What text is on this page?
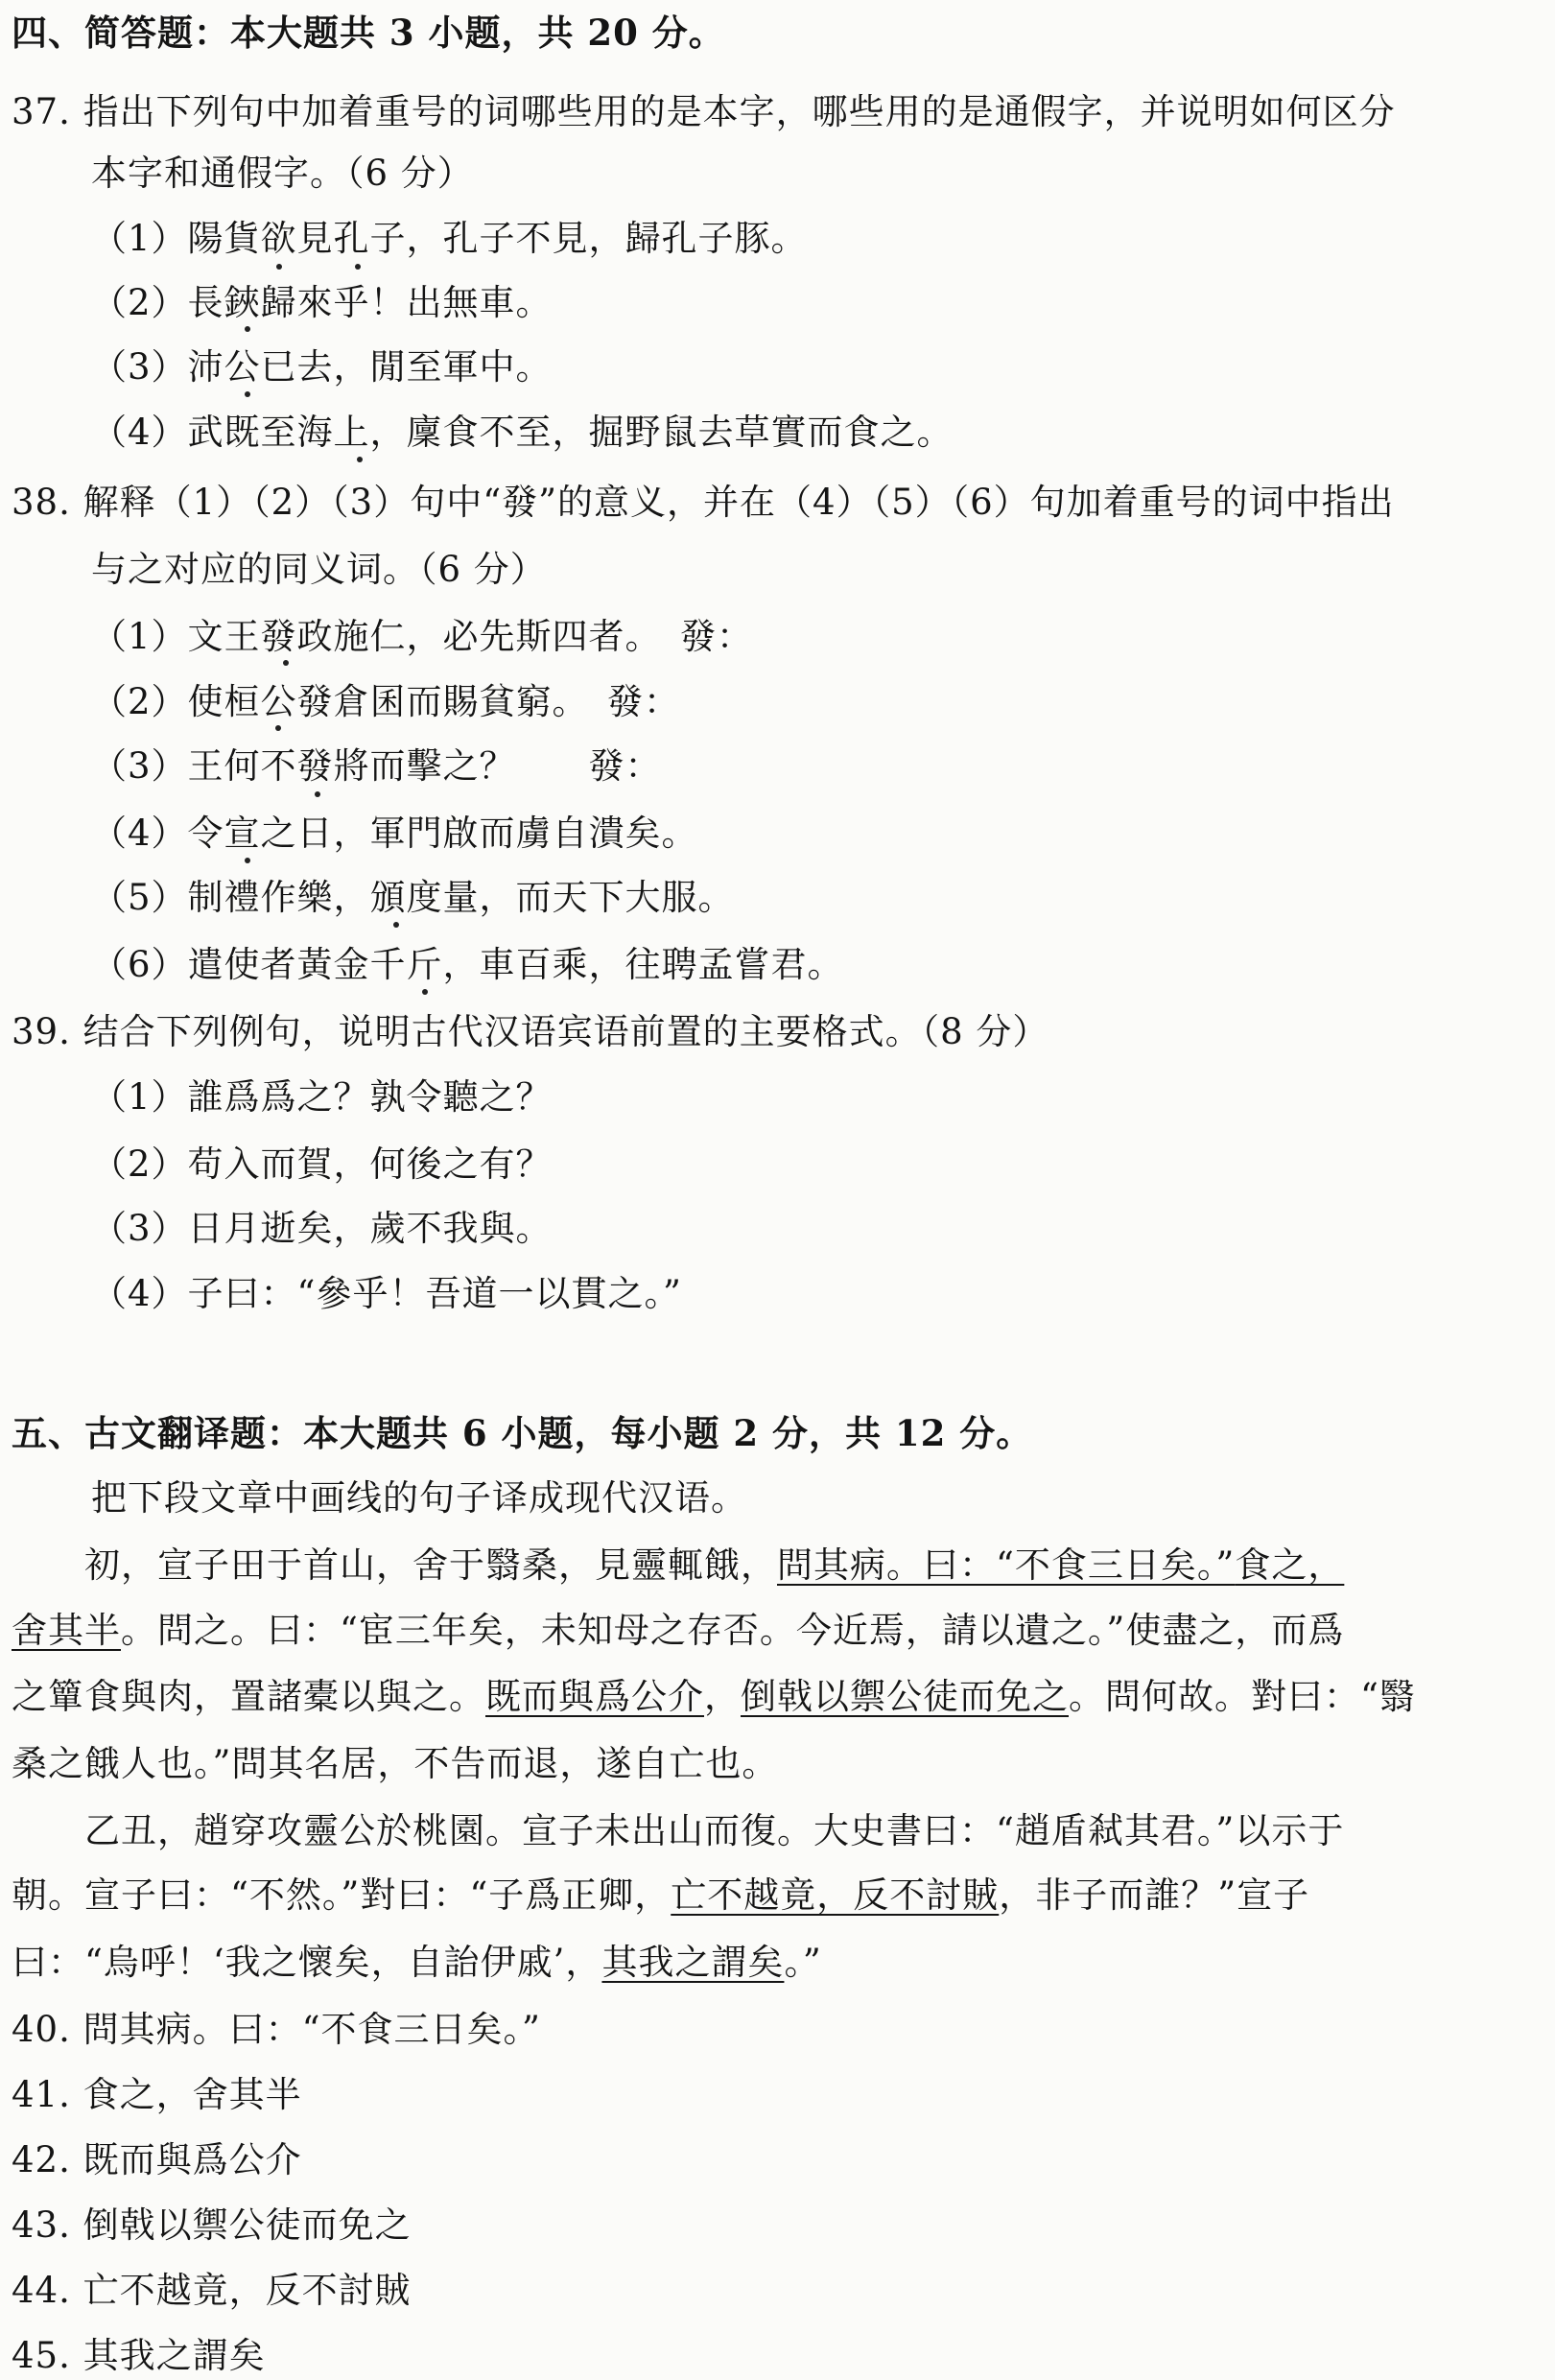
四、简答题：本大题共 3 小题，共 20 分。
37. 指出下列句中加着重号的词哪些用的是本字，哪些用的是通假字，并说明如何区分
本字和通假字。（6 分）
（1）陽貨欲見孔子，孔子不見，歸孔子豚。
（2）長鋏歸來乎！出無車。
（3）沛公已去，閒至軍中。
（4）武既至海上，廩食不至，掘野鼠去草實而食之。
38. 解释（1）（2）（3）句中“發”的意义，并在（4）（5）（6）句加着重号的词中指出
与之对应的同义词。（6 分）
（1）文王發政施仁，必先斯四者。　發：
（2）使桓公發倉囷而賜貧窮。　發：
（3）王何不發將而擊之？　　發：
（4）令宣之日，軍門啟而虜自潰矣。
（5）制禮作樂，頒度量，而天下大服。
（6）遣使者黃金千斤，車百乘，往聘孟嘗君。
39. 结合下列例句，说明古代汉语宾语前置的主要格式。（8 分）
（1）誰爲爲之？孰令聽之？
（2）苟入而賀，何後之有？
（3）日月逝矣，歲不我與。
（4）子曰：“參乎！吾道一以貫之。”
五、古文翻译题：本大题共 6 小题，每小题 2 分，共 12 分。
把下段文章中画线的句子译成现代汉语。
　　初，宣子田于首山，舍于翳桑，見靈輒餓，問其病。曰：“不食三日矣。”食之，
舍其半。問之。曰：“宦三年矣，未知母之存否。今近焉，請以遺之。”使盡之，而爲
之簞食與肉，置諸橐以與之。既而與爲公介，倒戟以禦公徒而免之。問何故。對曰：“翳
桑之餓人也。”問其名居，不告而退，遂自亡也。
　　乙丑，趙穿攻靈公於桃園。宣子未出山而復。大史書曰：“趙盾弒其君。”以示于
朝。宣子曰：“不然。”對曰：“子爲正卿，亡不越竟，反不討賊，非子而誰？”宣子
曰：“烏呼！‘我之懷矣，自詒伊戚’，其我之謂矣。”
40. 問其病。曰：“不食三日矣。”
41. 食之，舍其半
42. 既而與爲公介
43. 倒戟以禦公徒而免之
44. 亡不越竟，反不討賊
45. 其我之謂矣
